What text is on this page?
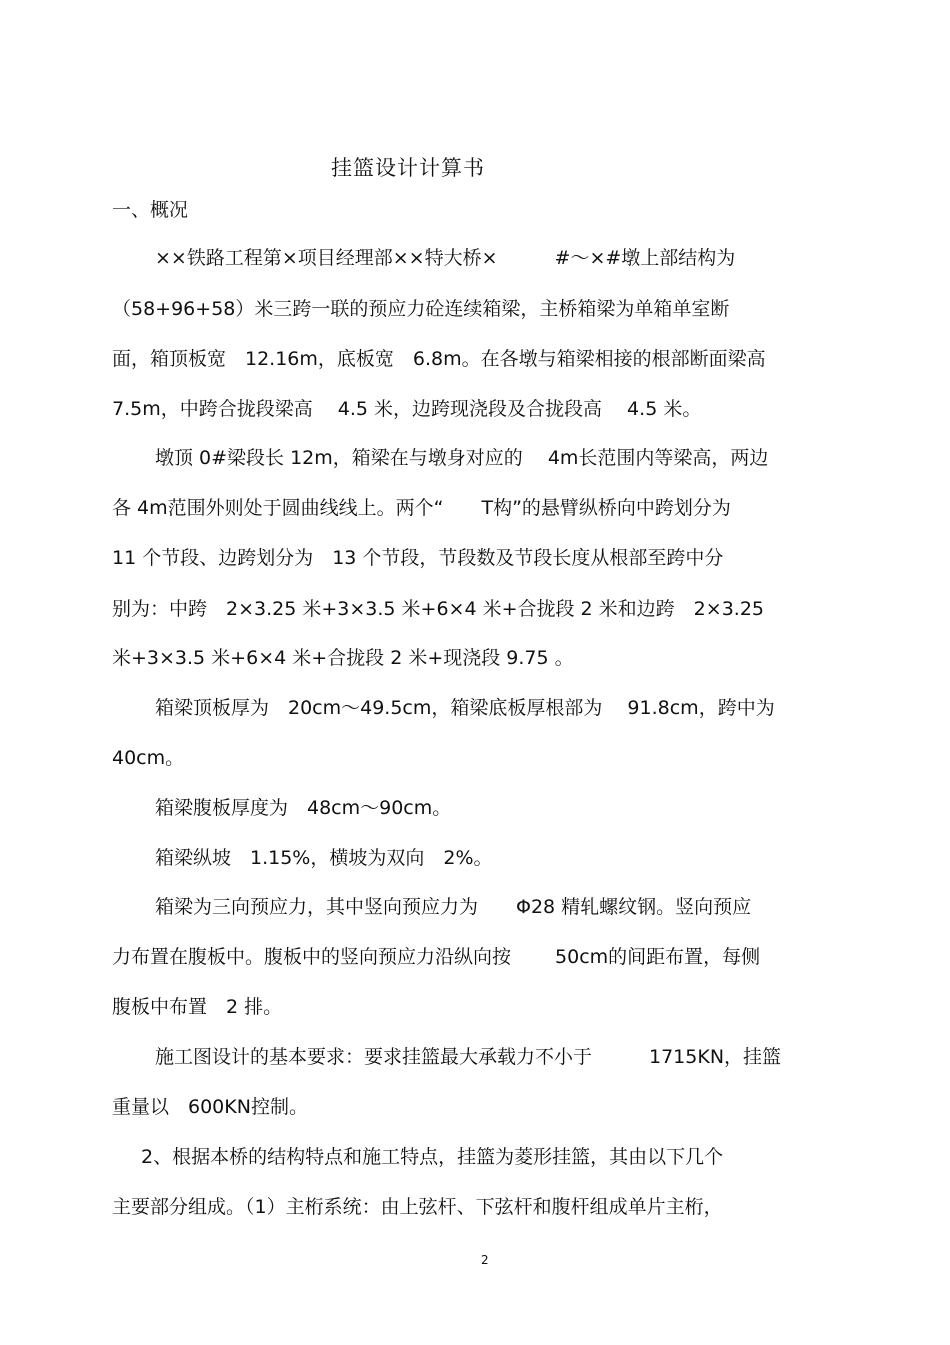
挂篮设计计算书
一、概况
××铁路工程第×项目经理部××特大桥×　　　#～×#墩上部结构为
（58+96+58）米三跨一联的预应力砼连续箱梁，主桥箱梁为单箱单室断
面，箱顶板宽　12.16m，底板宽　6.8m。在各墩与箱梁相接的根部断面梁高
7.5m，中跨合拢段梁高　 4.5 米，边跨现浇段及合拢段高　 4.5 米。
墩顶 0#梁段长 12m，箱梁在与墩身对应的　 4m长范围内等梁高，两边
各 4m范围外则处于圆曲线线上。两个“　　T构”的悬臂纵桥向中跨划分为
11 个节段、边跨划分为　13 个节段，节段数及节段长度从根部至跨中分
别为：中跨　2×3.25 米+3×3.5 米+6×4 米+合拢段 2 米和边跨　2×3.25
米+3×3.5 米+6×4 米+合拢段 2 米+现浇段 9.75 。
箱梁顶板厚为　20cm～49.5cm，箱梁底板厚根部为　 91.8cm，跨中为
40cm。
箱梁腹板厚度为　48cm～90cm。
箱梁纵坡　1.15%，横坡为双向　2%。
箱梁为三向预应力，其中竖向预应力为　　Φ28 精轧螺纹钢。竖向预应
力布置在腹板中。腹板中的竖向预应力沿纵向按　　 50cm的间距布置，每侧
腹板中布置　2 排。
施工图设计的基本要求：要求挂篮最大承载力不小于　　　1715KN，挂篮
重量以　600KN控制。
2、根据本桥的结构特点和施工特点，挂篮为菱形挂篮，其由以下几个
主要部分组成。（1）主桁系统：由上弦杆、下弦杆和腹杆组成单片主桁，
2
